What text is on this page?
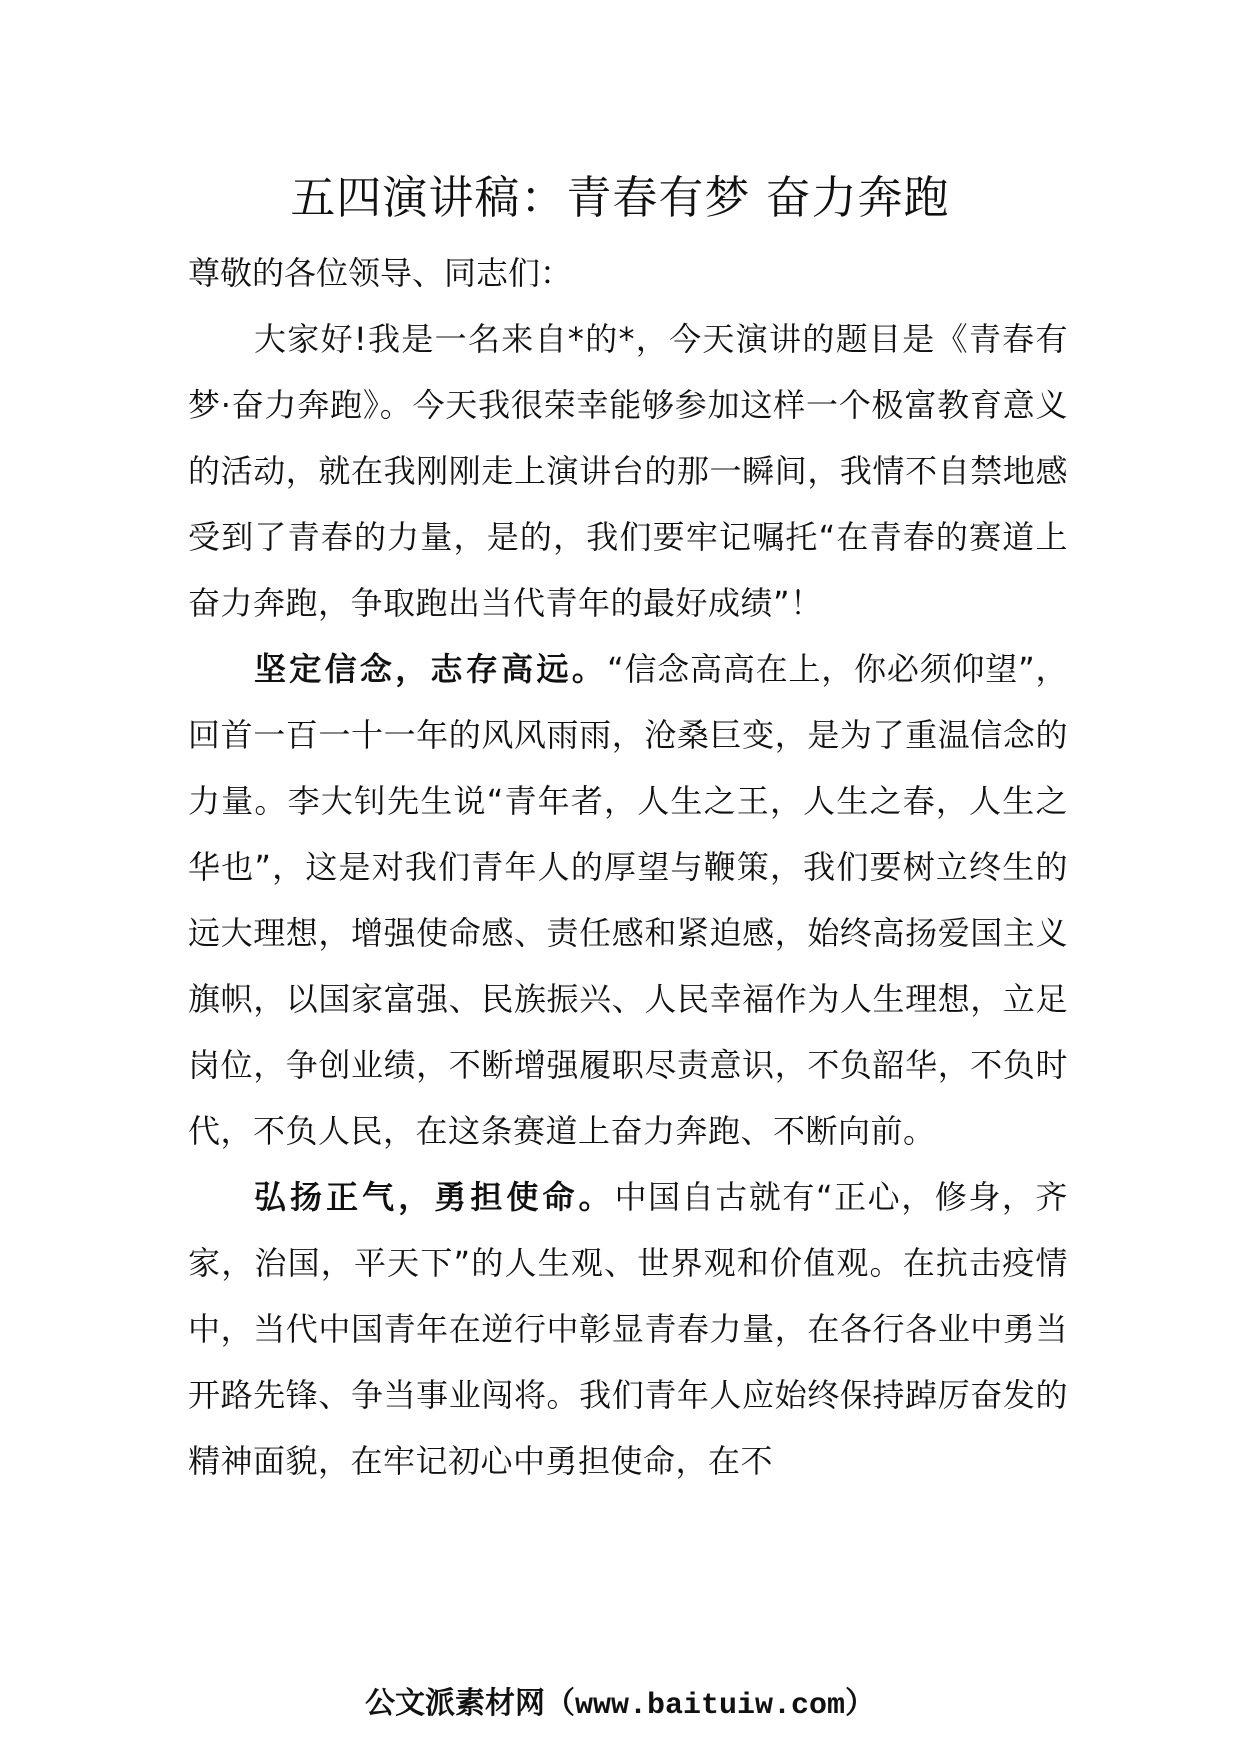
五四演讲稿：青春有梦 奋力奔跑

尊敬的各位领导、同志们：

大家好!我是一名来自*的*，今天演讲的题目是《青春有梦·奋力奔跑》。今天我很荣幸能够参加这样一个极富教育意义的活动，就在我刚刚走上演讲台的那一瞬间，我情不自禁地感受到了青春的力量，是的，我们要牢记嘱托“在青春的赛道上奋力奔跑，争取跑出当代青年的最好成绩”！

坚定信念，志存高远。“信念高高在上，你必须仰望”，回首一百一十一年的风风雨雨，沧桑巨变，是为了重温信念的力量。李大钊先生说“青年者，人生之王，人生之春，人生之华也”，这是对我们青年人的厚望与鞭策，我们要树立终生的远大理想，增强使命感、责任感和紧迫感，始终高扬爱国主义旗帜，以国家富强、民族振兴、人民幸福作为人生理想，立足岗位，争创业绩，不断增强履职尽责意识，不负韶华，不负时代，不负人民，在这条赛道上奋力奔跑、不断向前。

弘扬正气，勇担使命。中国自古就有“正心，修身，齐家，治国，平天下”的人生观、世界观和价值观。在抗击疫情中，当代中国青年在逆行中彰显青春力量，在各行各业中勇当开路先锋、争当事业闯将。我们青年人应始终保持踔厉奋发的精神面貌，在牢记初心中勇担使命，在不

公文派素材网（www.baituiw.com）
